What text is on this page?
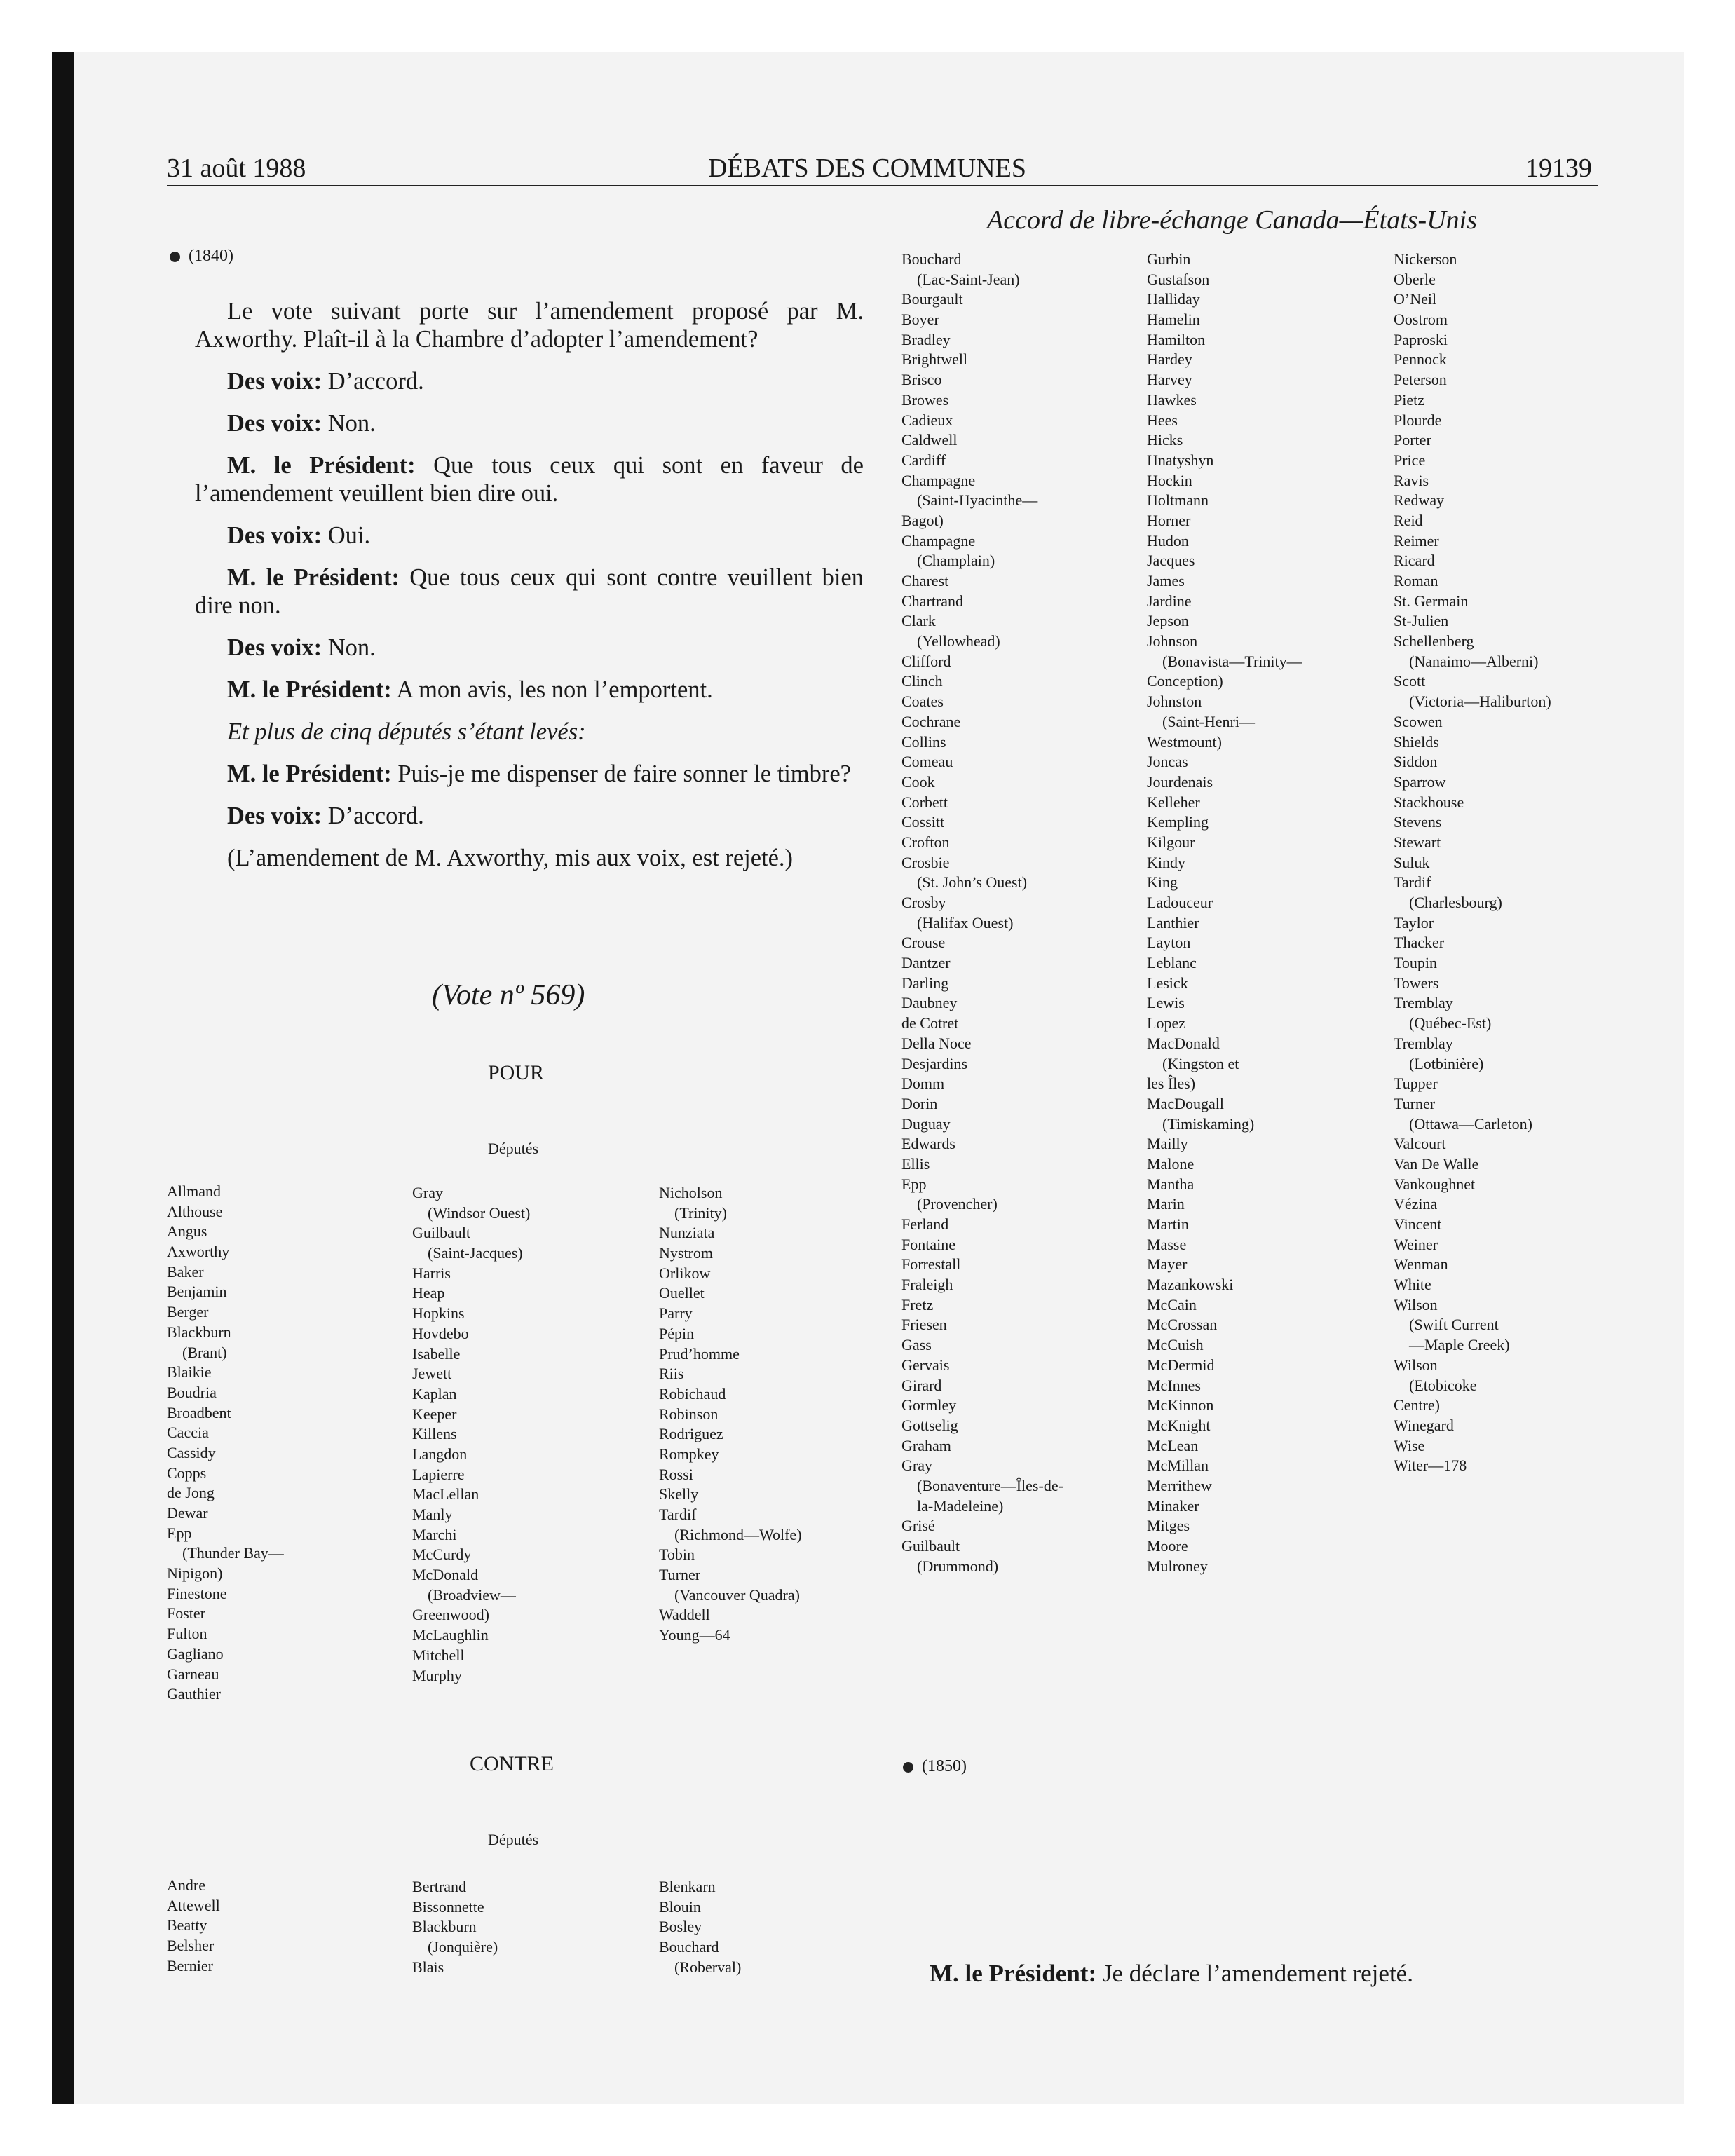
31 août 1988	DÉBATS DES COMMUNES	19139
Accord de libre-échange Canada—États-Unis
(1840)

Le vote suivant porte sur l’amendement proposé par M. Axworthy. Plaît-il à la Chambre d’adopter l’amendement?

Des voix: D’accord.

Des voix: Non.

M. le Président: Que tous ceux qui sont en faveur de l’amendement veuillent bien dire oui.

Des voix: Oui.

M. le Président: Que tous ceux qui sont contre veuillent bien dire non.

Des voix: Non.

M. le Président: A mon avis, les non l’emportent.

Et plus de cinq députés s’étant levés:

M. le Président: Puis-je me dispenser de faire sonner le timbre?

Des voix: D’accord.

(L’amendement de M. Axworthy, mis aux voix, est rejeté.)

(Vote nº 569)
POUR
Députés
Allmand
Althouse
Angus
Axworthy
Baker
Benjamin
Berger
Blackburn
(Brant)
Blaikie
Boudria
Broadbent
Caccia
Cassidy
Copps
de Jong
Dewar
Epp
(Thunder Bay—
Nipigon)
Finestone
Foster
Fulton
Gagliano
Garneau
Gauthier
Gray
(Windsor Ouest)
Guilbault
(Saint-Jacques)
Harris
Heap
Hopkins
Hovdebo
Isabelle
Jewett
Kaplan
Keeper
Killens
Langdon
Lapierre
MacLellan
Manly
Marchi
McCurdy
McDonald
(Broadview—
Greenwood)
McLaughlin
Mitchell
Murphy
Nicholson
(Trinity)
Nunziata
Nystrom
Orlikow
Ouellet
Parry
Pépin
Prud’homme
Riis
Robichaud
Robinson
Rodriguez
Rompkey
Rossi
Skelly
Tardif
(Richmond—Wolfe)
Tobin
Turner
(Vancouver Quadra)
Waddell
Young—64
CONTRE
Députés
Andre
Attewell
Beatty
Belsher
Bernier
Bertrand
Bissonnette
Blackburn
(Jonquière)
Blais
Blenkarn
Blouin
Bosley
Bouchard
(Roberval)
Bouchard
(Lac-Saint-Jean)
Bourgault
Boyer
Bradley
Brightwell
Brisco
Browes
Cadieux
Caldwell
Cardiff
Champagne
(Saint-Hyacinthe—
Bagot)
Champagne
(Champlain)
Charest
Chartrand
Clark
(Yellowhead)
Clifford
Clinch
Coates
Cochrane
Collins
Comeau
Cook
Corbett
Cossitt
Crofton
Crosbie
(St. John’s Ouest)
Crosby
(Halifax Ouest)
Crouse
Dantzer
Darling
Daubney
de Cotret
Della Noce
Desjardins
Domm
Dorin
Duguay
Edwards
Ellis
Epp
(Provencher)
Ferland
Fontaine
Forrestall
Fraleigh
Fretz
Friesen
Gass
Gervais
Girard
Gormley
Gottselig
Graham
Gray
(Bonaventure—Îles-de-
la-Madeleine)
Grisé
Guilbault
(Drummond)
Gurbin
Gustafson
Halliday
Hamelin
Hamilton
Hardey
Harvey
Hawkes
Hees
Hicks
Hnatyshyn
Hockin
Holtmann
Horner
Hudon
Jacques
James
Jardine
Jepson
Johnson
(Bonavista—Trinity—
Conception)
Johnston
(Saint-Henri—
Westmount)
Joncas
Jourdenais
Kelleher
Kempling
Kilgour
Kindy
King
Ladouceur
Lanthier
Layton
Leblanc
Lesick
Lewis
Lopez
MacDonald
(Kingston et
les Îles)
MacDougall
(Timiskaming)
Mailly
Malone
Mantha
Marin
Martin
Masse
Mayer
Mazankowski
McCain
McCrossan
McCuish
McDermid
McInnes
McKinnon
McKnight
McLean
McMillan
Merrithew
Minaker
Mitges
Moore
Mulroney
Nickerson
Oberle
O’Neil
Oostrom
Paproski
Pennock
Peterson
Pietz
Plourde
Porter
Price
Ravis
Redway
Reid
Reimer
Ricard
Roman
St. Germain
St-Julien
Schellenberg
(Nanaimo—Alberni)
Scott
(Victoria—Haliburton)
Scowen
Shields
Siddon
Sparrow
Stackhouse
Stevens
Stewart
Suluk
Tardif
(Charlesbourg)
Taylor
Thacker
Toupin
Towers
Tremblay
(Québec-Est)
Tremblay
(Lotbinière)
Tupper
Turner
(Ottawa—Carleton)
Valcourt
Van De Walle
Vankoughnet
Vézina
Vincent
Weiner
Wenman
White
Wilson
(Swift Current
—Maple Creek)
Wilson
(Etobicoke
Centre)
Winegard
Wise
Witer—178
(1850)
M. le Président: Je déclare l’amendement rejeté.
